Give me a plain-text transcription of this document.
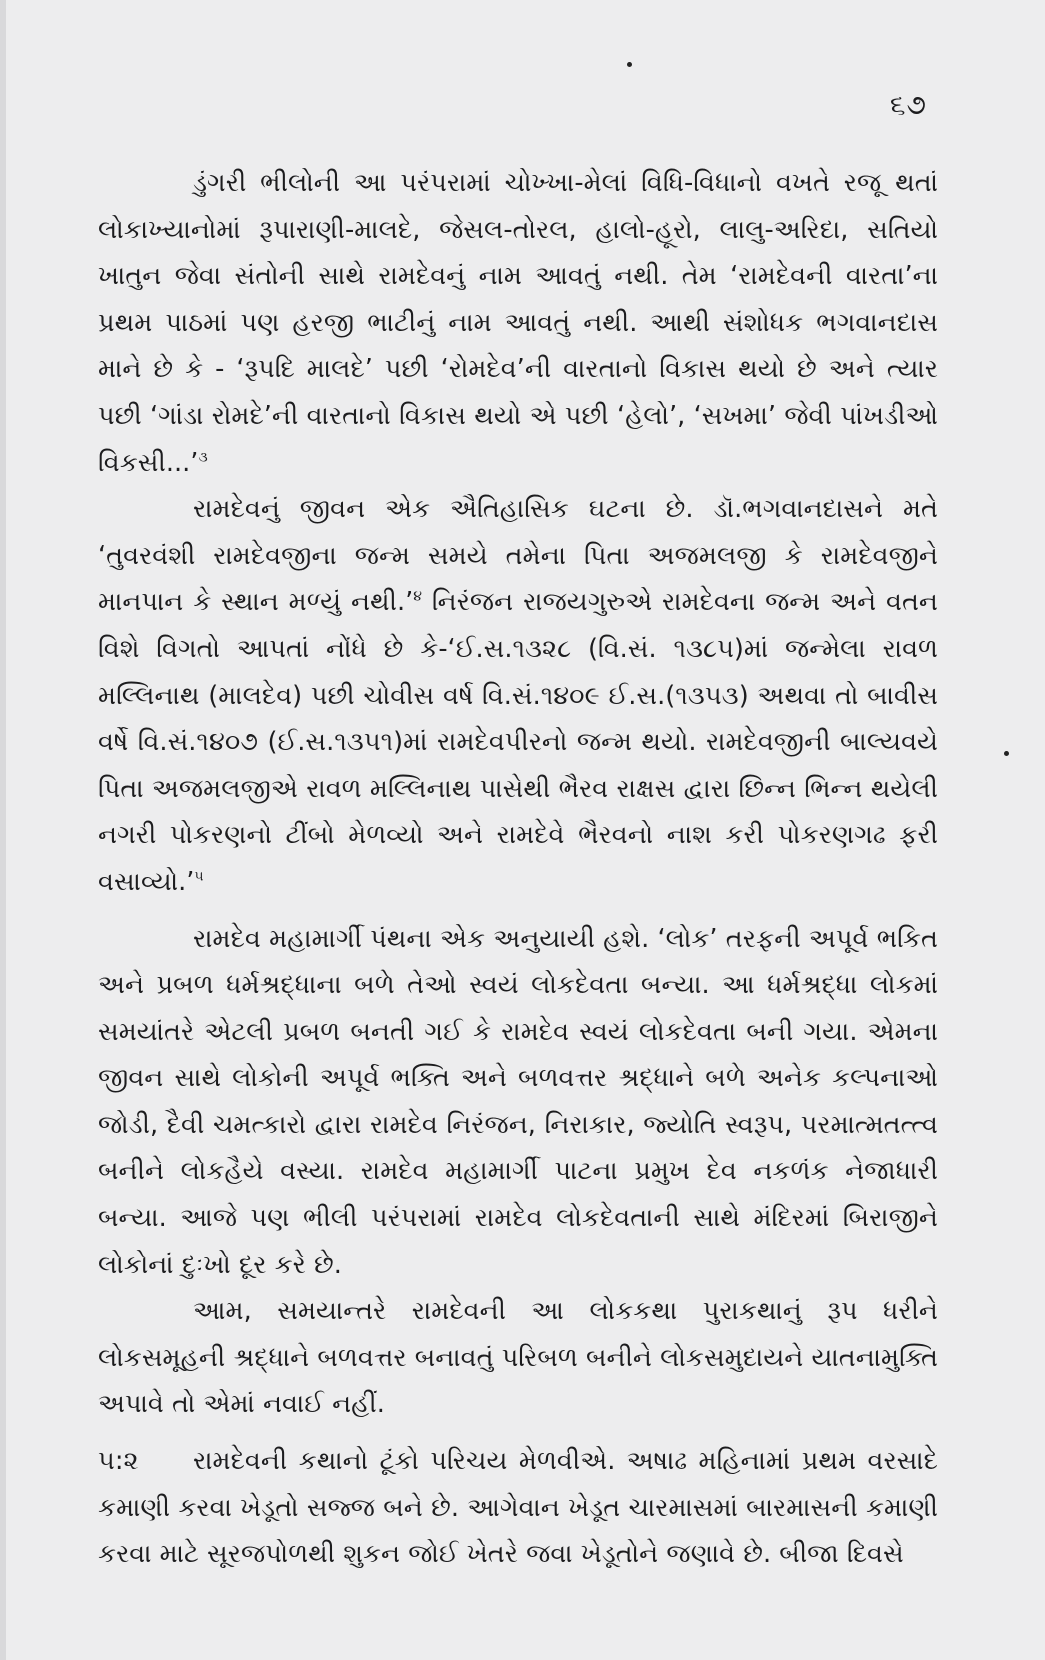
૬૭

ડુંગરી ભીલોની આ પરંપરામાં ચોખ્ખા-મેલાં વિધિ-વિધાનો વખતે રજૂ થતાં લોકાખ્યાનોમાં રૂપારાણી-માલદે, જેસલ-તોરલ, હાલો-હૂરો, લાલુ-અરિદા, સતિયો ખાતુન જેવા સંતોની સાથે રામદેવનું નામ આવતું નથી. તેમ ‘રામદેવની વારતા’ના પ્રથમ પાઠમાં પણ હરજી ભાટીનું નામ આવતું નથી. આથી સંશોધક ભગવાનદાસ માને છે કે - ‘રૂપદિ માલદે’ પછી ‘રોમદેવ’ની વારતાનો વિકાસ થયો છે અને ત્યાર પછી ‘ગાંડા રોમદે’ની વારતાનો વિકાસ થયો એ પછી ‘હેલો’, ‘સખમા’ જેવી પાંખડીઓ વિકસી...’$^૩$

રામદેવનું જીવન એક ઐતિહાસિક ઘટના છે. ડૉ.ભગવાનદાસને મતે ‘તુવરવંશી રામદેવજીના જન્મ સમયે તમેના પિતા અજમલજી કે રામદેવજીને માનપાન કે સ્થાન મળ્યું નથી.’$^૪$ નિરંજન રાજયગુરુએ રામદેવના જન્મ અને વતન વિશે વિગતો આપતાં નોંધે છે કે-‘ઈ.સ.૧૩૨૮ (વિ.સં. ૧૩૮૫)માં જન્મેલા રાવળ મલ્લિનાથ (માલદેવ) પછી ચોવીસ વર્ષ વિ.સં.૧૪૦૯ ઈ.સ.(૧૩૫૩) અથવા તો બાવીસ વર્ષે વિ.સં.૧૪૦૭ (ઈ.સ.૧૩૫૧)માં રામદેવપીરનો જન્મ થયો. રામદેવજીની બાલ્યવયે પિતા અજમલજીએ રાવળ મલ્લિનાથ પાસેથી ભૈરવ રાક્ષસ દ્વારા છિન્ન ભિન્ન થયેલી નગરી પોકરણનો ટીંબો મેળવ્યો અને રામદેવે ભૈરવનો નાશ કરી પોકરણગઢ ફરી વસાવ્યો.’$^૫$

રામદેવ મહામાર્ગી પંથના એક અનુયાયી હશે. ‘લોક’ તરફની અપૂર્વ ભકિત અને પ્રબળ ધર્મશ્રદ્ધાના બળે તેઓ સ્વયં લોકદેવતા બન્યા. આ ધર્મશ્રદ્ધા લોકમાં સમયાંતરે એટલી પ્રબળ બનતી ગઈ કે રામદેવ સ્વયં લોકદેવતા બની ગયા. એમના જીવન સાથે લોકોની અપૂર્વ ભક્તિ અને બળવત્તર શ્રદ્ધાને બળે અનેક કલ્પનાઓ જોડી, દૈવી ચમત્કારો દ્વારા રામદેવ નિરંજન, નિરાકાર, જ્યોતિ સ્વરૂપ, પરમાત્મતત્ત્વ બનીને લોકહૈયે વસ્યા. રામદેવ મહામાર્ગી પાટના પ્રમુખ દેવ નકળંક નેજાધારી બન્યા. આજે પણ ભીલી પરંપરામાં રામદેવ લોકદેવતાની સાથે મંદિરમાં બિરાજીને લોકોનાં દુઃખો દૂર કરે છે.

આમ, સમયાન્તરે રામદેવની આ લોકકથા પુરાકથાનું રૂપ ધરીને લોકસમૂહની શ્રદ્ધાને બળવત્તર બનાવતું પરિબળ બનીને લોકસમુદાયને યાતનામુક્તિ અપાવે તો એમાં નવાઈ નહીં.

૫:૨ રામદેવની કથાનો ટૂંકો પરિચય મેળવીએ. અષાઢ મહિનામાં પ્રથમ વરસાદે કમાણી કરવા ખેડૂતો સજ્જ બને છે. આગેવાન ખેડૂત ચારમાસમાં બારમાસની કમાણી કરવા માટે સૂરજપોળથી શુકન જોઈ ખેતરે જવા ખેડૂતોને જણાવે છે. બીજા દિવસે
